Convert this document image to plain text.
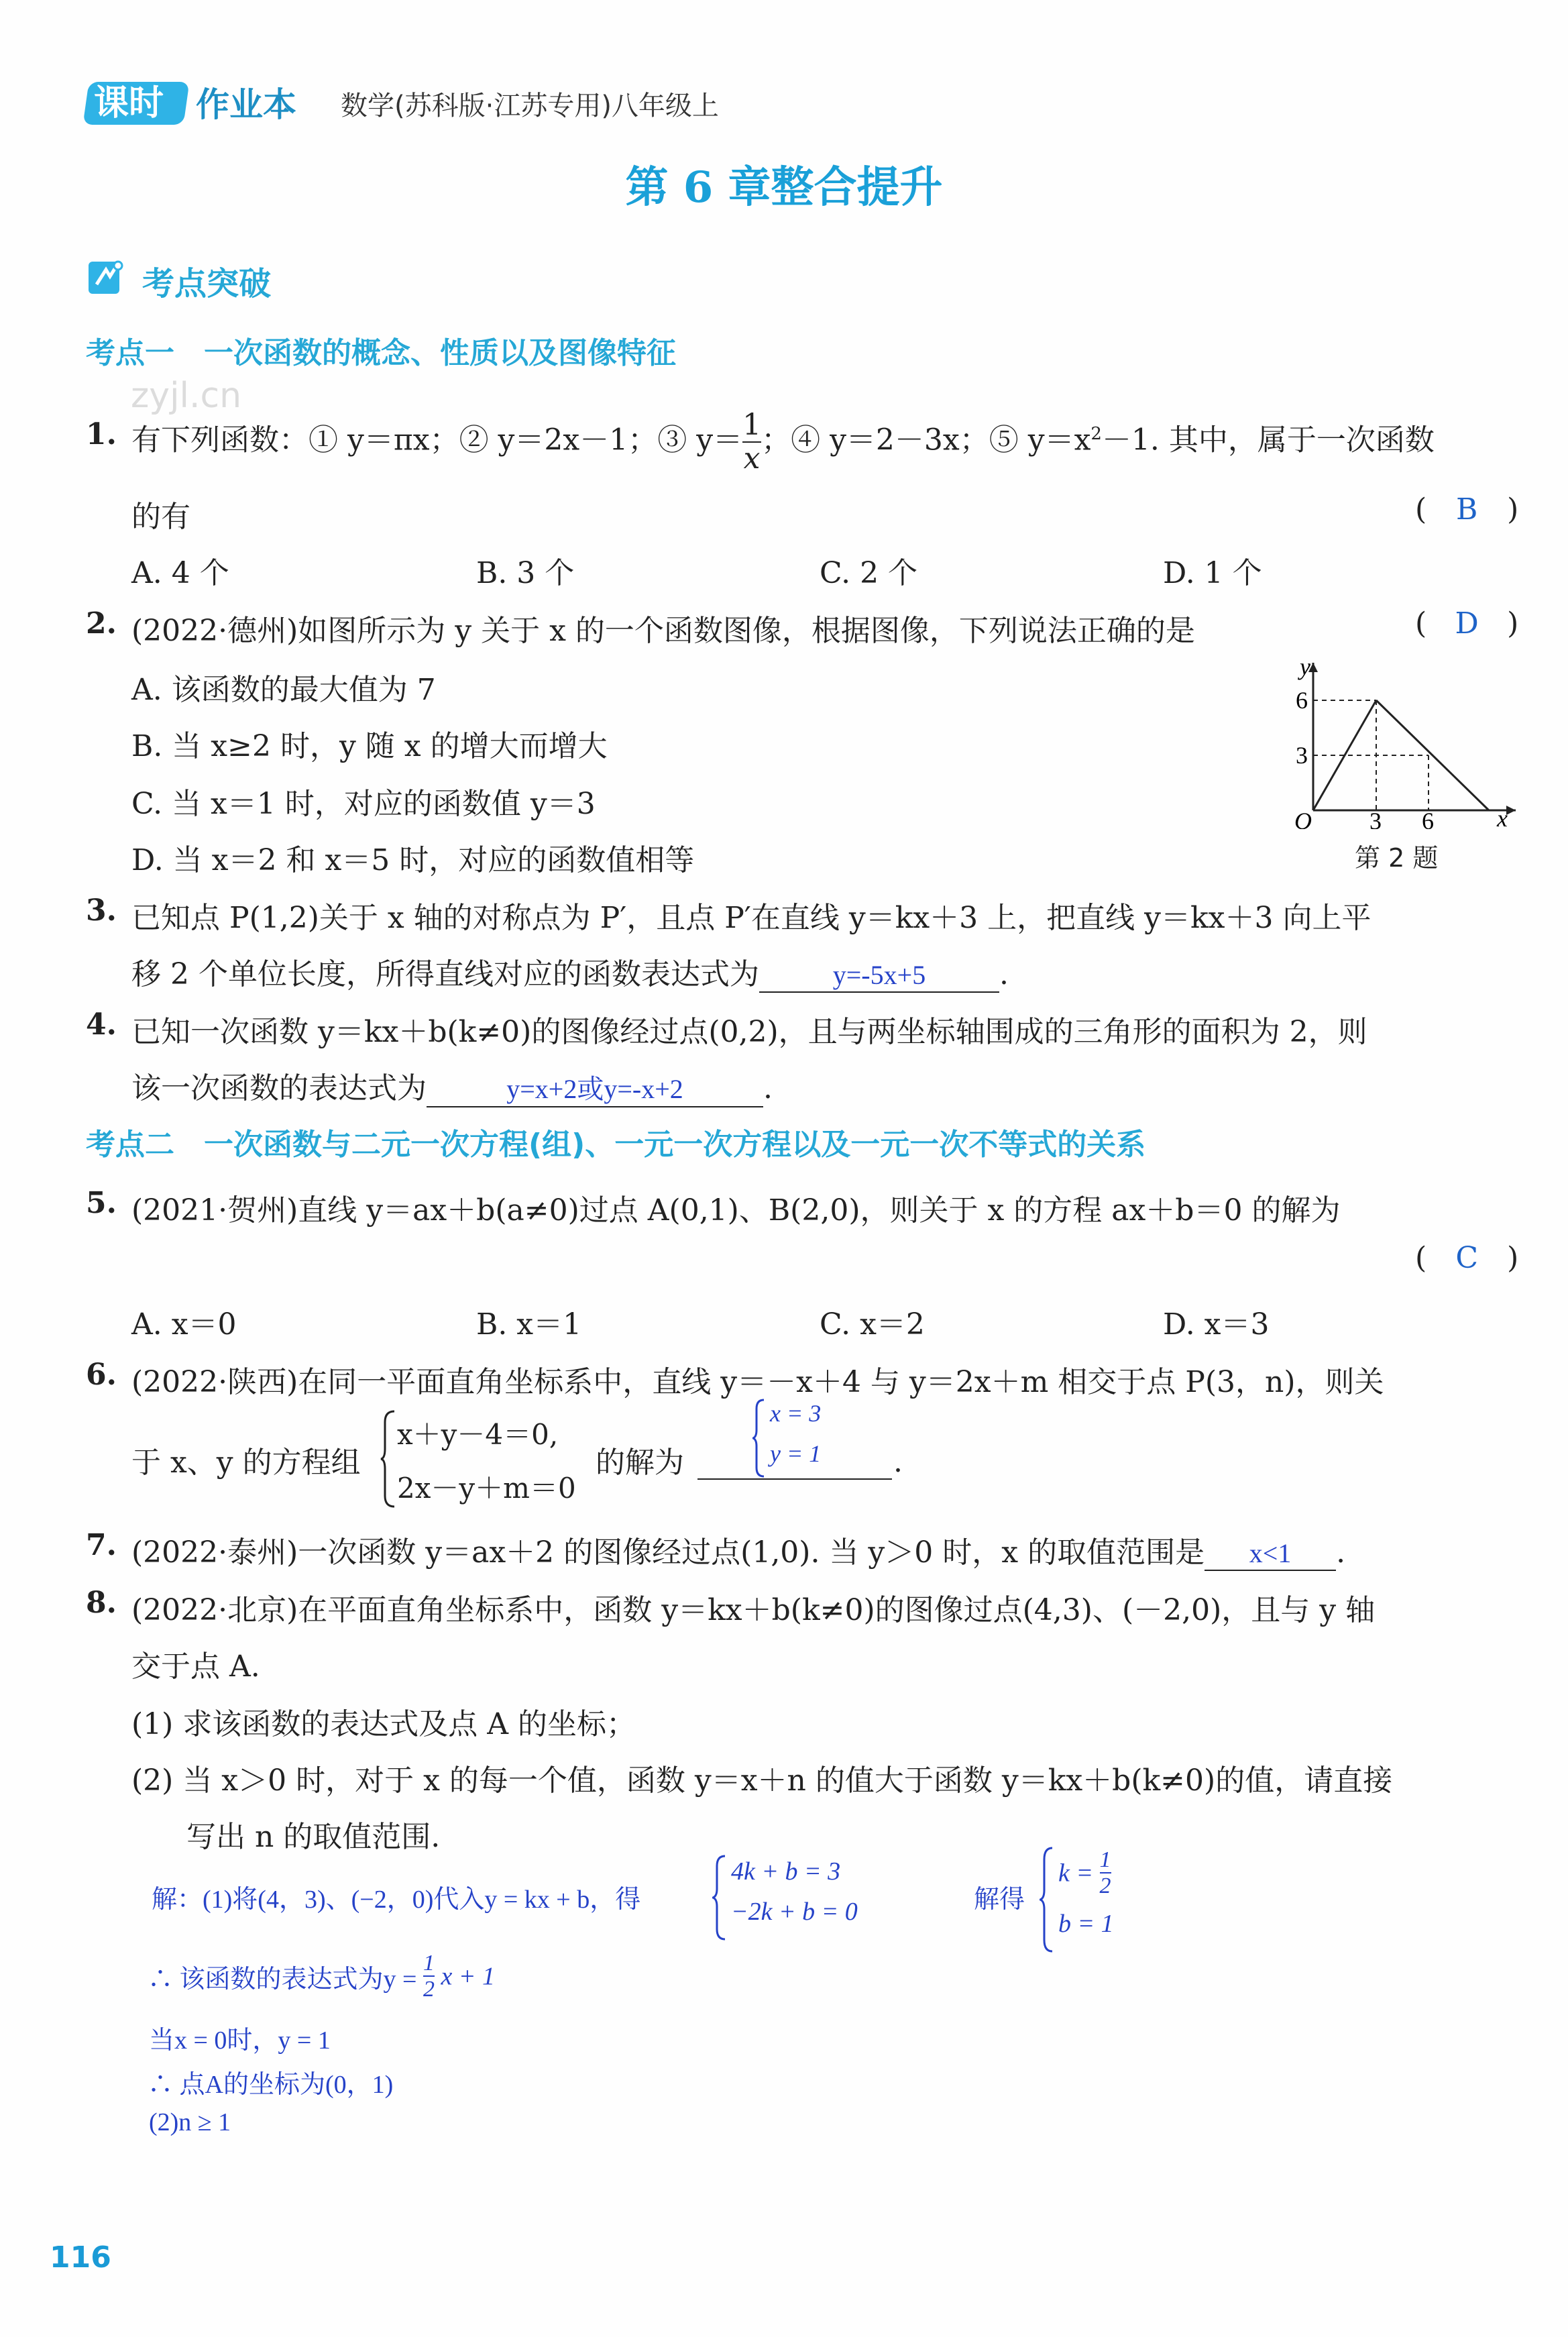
课时 作业本 数学(苏科版·江苏专用)八年级上
第 6 章整合提升
考点突破
zyjl.cn
考点一　一次函数的概念、性质以及图像特征
1. 有下列函数：① y＝πx；② y＝2x－1；③ $y= \frac{1}{x}$ ；④ y＝2－3x；⑤ $y=x^2-1$. 其中，属于一次函数
的有	( B )
A. 4 个	B. 3 个	C. 2 个	D. 1 个
2. (2022·德州)如图所示为 y 关于 x 的一个函数图像，根据图像，下列说法正确的是	( D )
A. 该函数的最大值为 7
B. 当 x≥2 时，y 随 x 的增大而增大
C. 当 x＝1 时，对应的函数值 y＝3
D. 当 x＝2 和 x＝5 时，对应的函数值相等
y
x
O
6
3
3 6
第 2 题
3. 已知点 P(1,2)关于 x 轴的对称点为 P′，且点 P′在直线 y＝kx＋3 上，把直线 y＝kx＋3 向上平
移 2 个单位长度，所得直线对应的函数表达式为	y=-5x+5 .
4. 已知一次函数 y＝kx＋b(k≠0)的图像经过点(0,2)，且与两坐标轴围成的三角形的面积为 2，则
该一次函数的表达式为	y=x+2或y=-x+2	.
考点二　一次函数与二元一次方程(组)、一元一次方程以及一元一次不等式的关系
5. (2021·贺州)直线 y＝ax＋b(a≠0)过点 A(0,1)、B(2,0)，则关于 x 的方程 ax＋b＝0 的解为
( C )
A. x＝0	B. x＝1	C. x＝2	D. x＝3
6. (2022·陕西)在同一平面直角坐标系中，直线 y＝－x＋4 与 y＝2x＋m 相交于点 P(3，n)，则关
于 x、y 的方程组
x＋y－4＝0,
2x－y＋m＝0
的解为
x = 3
y = 1 .
7. (2022·泰州)一次函数 y＝ax＋2 的图像经过点(1,0). 当 y＞0 时，x 的取值范围是 x<1 .
8. (2022·北京)在平面直角坐标系中，函数 y＝kx＋b(k≠0)的图像过点(4,3)、(－2,0)，且与 y 轴
交于点 A.
(1) 求该函数的表达式及点 A 的坐标；
(2) 当 x＞0 时，对于 x 的每一个值，函数 y＝x＋n 的值大于函数 y＝kx＋b(k≠0)的值，请直接
写出 n 的取值范围.
解：(1)将(4，3)、(−2，0)代入y = kx + b，得
4k + b = 3
−2k + b = 0	解得
$k = \frac{1}{2}$
b = 1
∴ 该函数的表达式为$y = \frac{1}{2}$ x + 1
当x = 0时，y = 1
∴ 点A的坐标为(0，1)
(2)n ≥ 1
116
